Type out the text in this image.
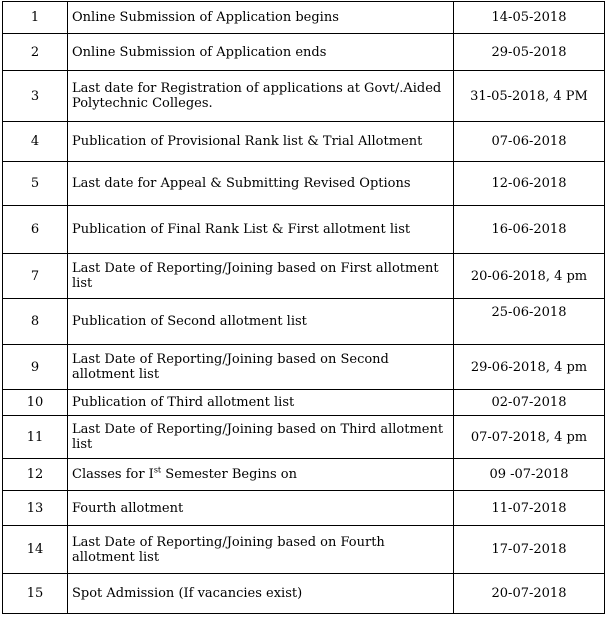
1	Online Submission of Application begins	14-05-2018
2	Online Submission of Application ends	29-05-2018
3	Last date for Registration of applications at Govt/.Aided Polytechnic Colleges.	31-05-2018, 4 PM
4	Publication of Provisional Rank list & Trial Allotment	07-06-2018
5	Last date for Appeal & Submitting Revised Options	12-06-2018
6	Publication of Final Rank List & First allotment list	16-06-2018
7	Last Date of Reporting/Joining based on First allotment list	20-06-2018, 4 pm
8	Publication of Second allotment list	25-06-2018
9	Last Date of Reporting/Joining based on Second allotment list	29-06-2018, 4 pm
10	Publication of Third allotment list	02-07-2018
11	Last Date of Reporting/Joining based on Third allotment list	07-07-2018, 4 pm
12	Classes for Ist Semester Begins on	09 -07-2018
13	Fourth allotment	11-07-2018
14	Last Date of Reporting/Joining based on Fourth allotment list	17-07-2018
15	Spot Admission (If vacancies exist)	20-07-2018
